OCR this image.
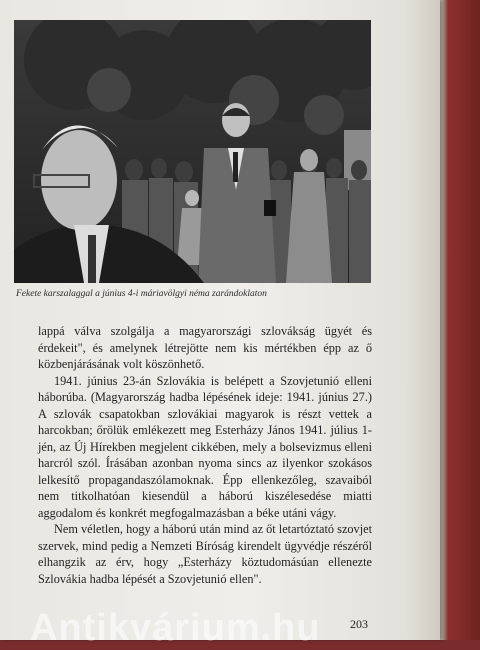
Fekete karszalaggal a június 4-i máriavölgyi néma zarándoklaton

lappá válva szolgálja a magyarországi szlovákság ügyét és érdekeit", és amelynek létrejötte nem kis mértékben épp az ő közbenjárásának volt köszönhető.

1941. június 23-án Szlovákia is belépett a Szovjetunió elleni háborúba. (Magyarország hadba lépésének ideje: 1941. június 27.) A szlovák csapatokban szlovákiai magyarok is részt vettek a harcokban; őrölük emlékezett meg Esterházy János 1941. július 1-jén, az Új Hírekben megjelent cikkében, mely a bolsevizmus elleni harcról szól. Írásában azonban nyoma sincs az ilyenkor szokásos lelkesítő propagandaszólamoknak. Épp ellenkezőleg, szavaiból nem titkolhatóan kiesendül a háború kiszélesedése miatti aggodalom és konkrét megfogalmazásban a béke utáni vágy.

Nem véletlen, hogy a háború után mind az őt letartóztató szovjet szervek, mind pedig a Nemzeti Bíróság kirendelt ügyvédje részéről elhangzik az érv, hogy „Esterházy köztudomásúan ellenezte Szlovákia hadba lépését a Szovjetunió ellen".

203
Antikvárium.hu
